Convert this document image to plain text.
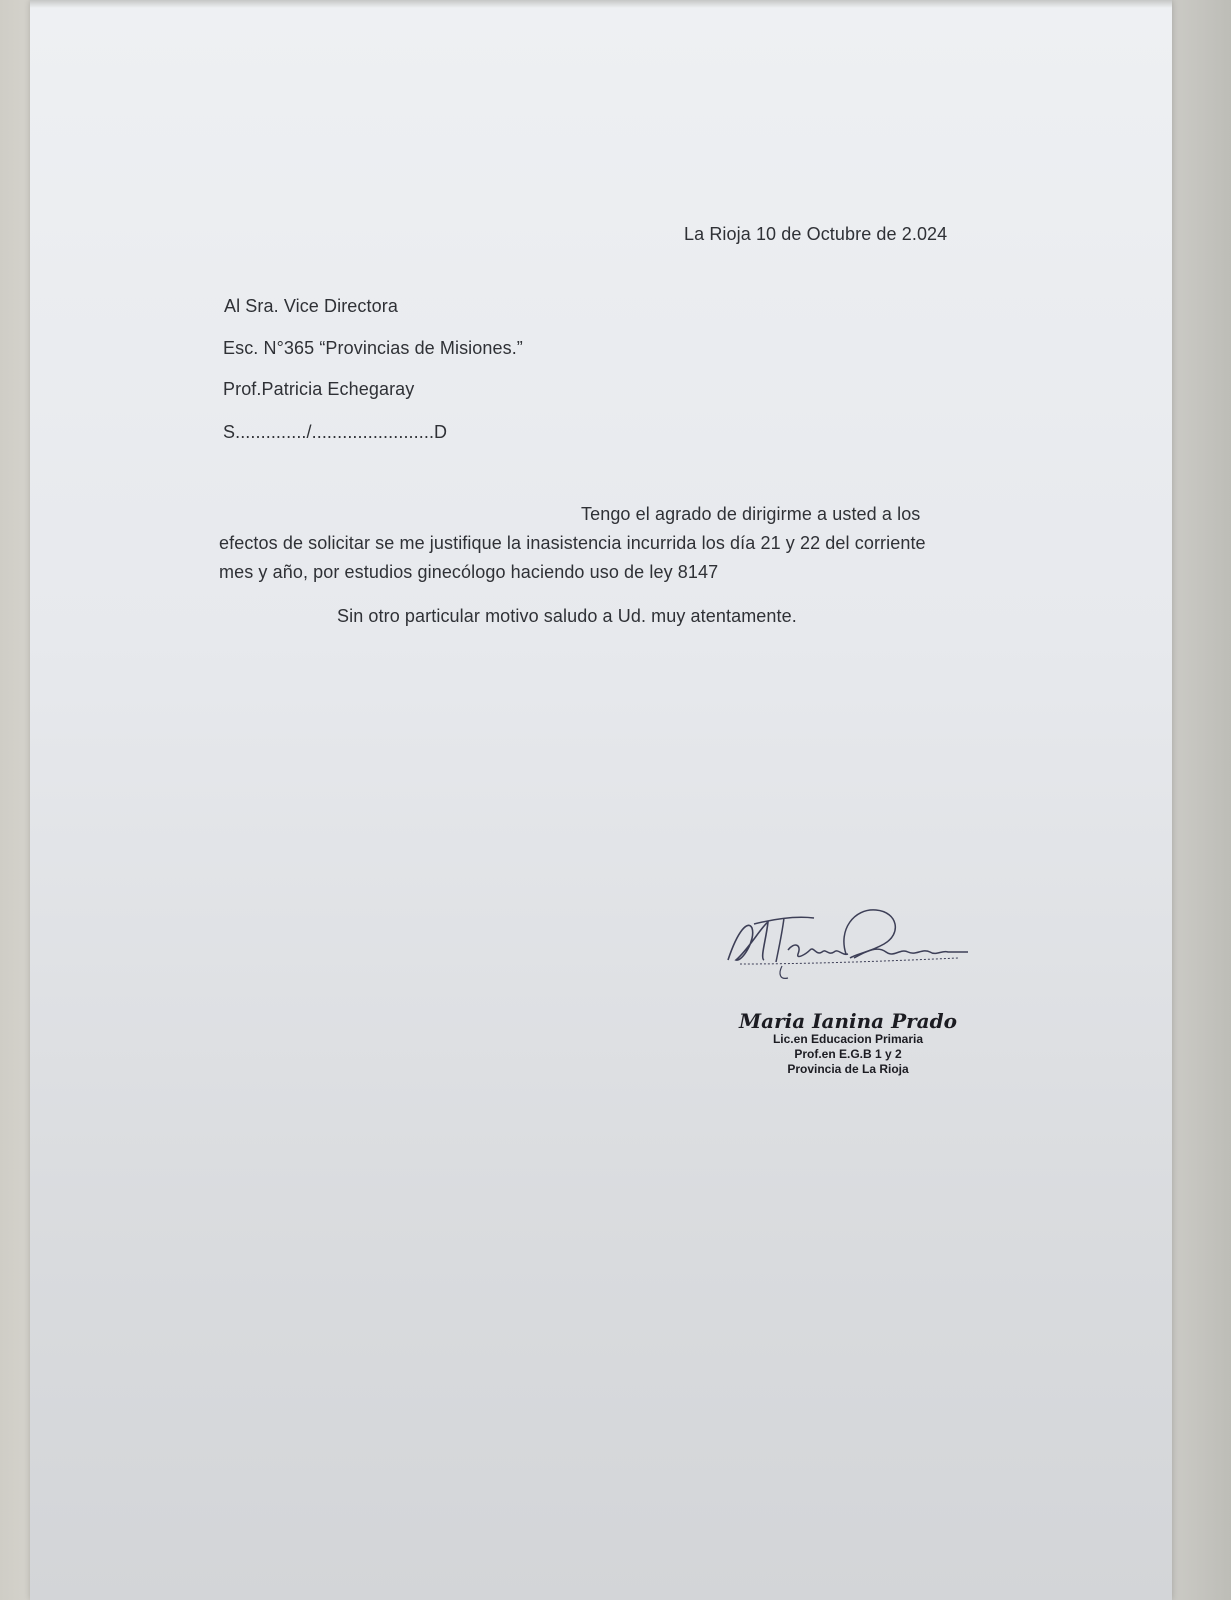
La Rioja 10 de Octubre de 2.024

Al Sra. Vice Directora

Esc. N°365 “Provincias de Misiones.”

Prof.Patricia Echegaray

S............../........................D

Tengo el agrado de dirigirme a usted a los

efectos de solicitar se me justifique la inasistencia incurrida los día 21 y 22 del corriente

mes y año, por estudios ginecólogo haciendo uso de ley 8147

Sin otro particular motivo saludo a Ud. muy atentamente.

Maria Ianina Prado
Lic.en Educacion Primaria
Prof.en E.G.B 1 y 2
Provincia de La Rioja
